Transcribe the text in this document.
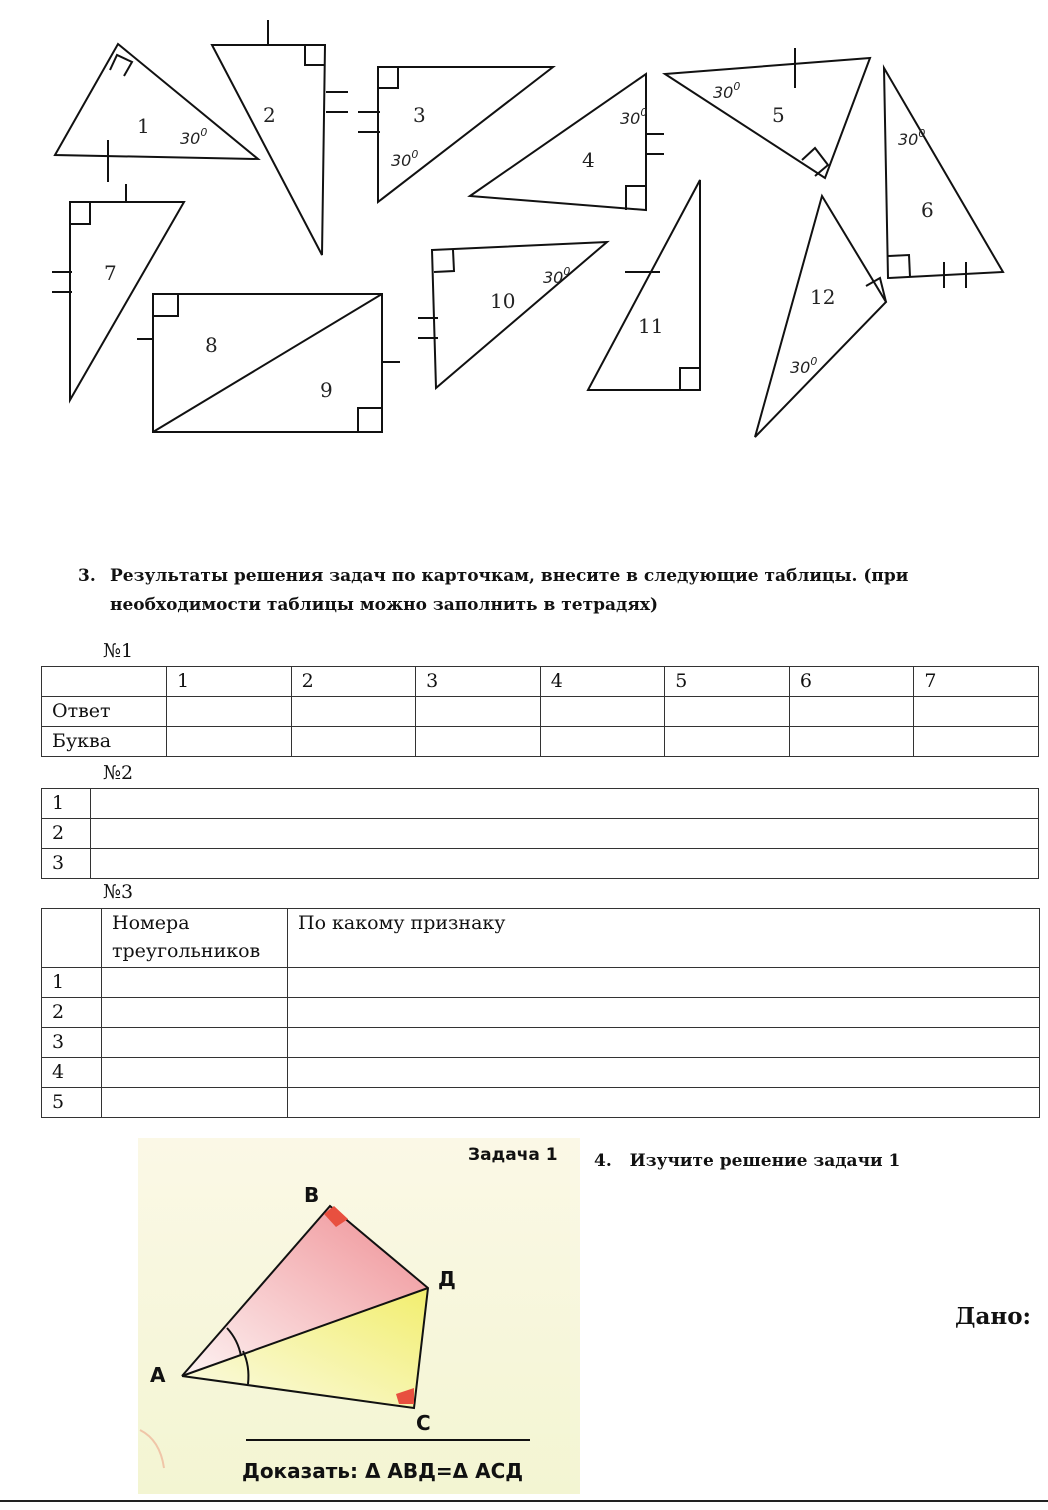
1	2	3
4
5
6
7
8
9
10
11
12
$30^0$
$30^0$
$30^0$
$30^0$
$30^0$
$30^0$
$30^0$
3. Результаты решения задач по карточкам, внесите в следующие таблицы. (при необходимости таблицы можно заполнить в тетрадях)
№1
	1	2	3	4	5	6	7
Ответ							
Буква							
№2
1	
2	
3	
№3
	Номера треугольников	По какому признаку
1		
2		
3		
4		
5		
Задача 1
В
Д
А
С
Доказать: Δ АВД=Δ АСД
4. Изучите решение задачи 1
Дано:
